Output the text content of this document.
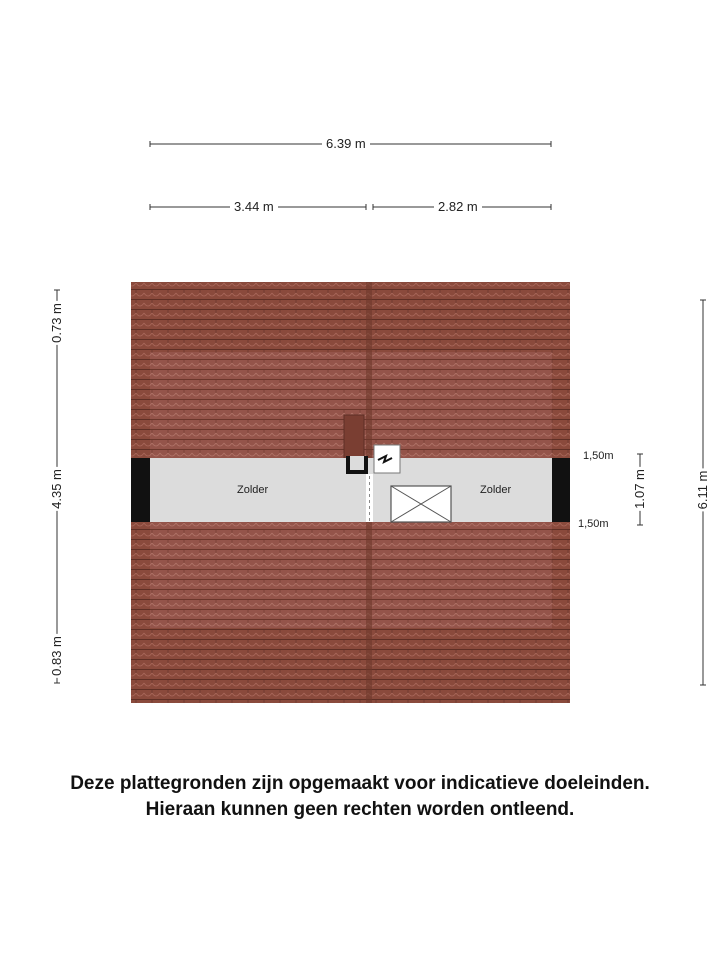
6.39 m
3.44 m	2.82 m
0.73 m
4.35 m
0.83 m
6.11 m
1.07 m
1,50m
1,50m
Zolder	Zolder
Deze plattegronden zijn opgemaakt voor indicatieve doeleinden.
Hieraan kunnen geen rechten worden ontleend.
